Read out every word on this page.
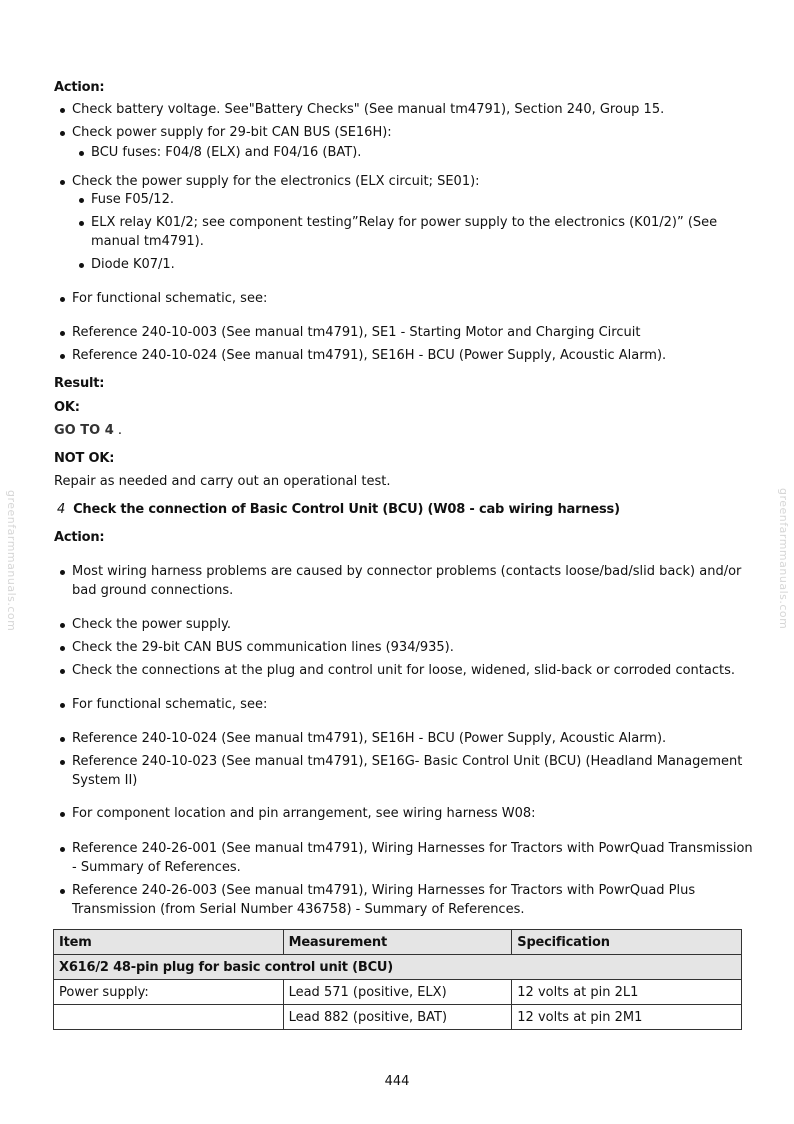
greenfarmmanuals.com	greenfarmmanuals.com
Action:
Check battery voltage. See"Battery Checks" (See manual tm4791), Section 240, Group 15.
Check power supply for 29-bit CAN BUS (SE16H):
BCU fuses: F04/8 (ELX) and F04/16 (BAT).
Check the power supply for the electronics (ELX circuit; SE01):
Fuse F05/12.
ELX relay K01/2; see component testing”Relay for power supply to the electronics (K01/2)” (See
manual tm4791).
Diode K07/1.
For functional schematic, see:
Reference 240-10-003 (See manual tm4791), SE1 - Starting Motor and Charging Circuit
Reference 240-10-024 (See manual tm4791), SE16H - BCU (Power Supply, Acoustic Alarm).
Result:
OK:
GO TO 4 .
NOT OK:
Repair as needed and carry out an operational test.
4 Check the connection of Basic Control Unit (BCU) (W08 - cab wiring harness)
Action:
Most wiring harness problems are caused by connector problems (contacts loose/bad/slid back) and/or
bad ground connections.
Check the power supply.
Check the 29-bit CAN BUS communication lines (934/935).
Check the connections at the plug and control unit for loose, widened, slid-back or corroded contacts.
For functional schematic, see:
Reference 240-10-024 (See manual tm4791), SE16H - BCU (Power Supply, Acoustic Alarm).
Reference 240-10-023 (See manual tm4791), SE16G- Basic Control Unit (BCU) (Headland Management
System II)
For component location and pin arrangement, see wiring harness W08:
Reference 240-26-001 (See manual tm4791), Wiring Harnesses for Tractors with PowrQuad Transmission
- Summary of References.
Reference 240-26-003 (See manual tm4791), Wiring Harnesses for Tractors with PowrQuad Plus
Transmission (from Serial Number 436758) - Summary of References.
Item	Measurement	Specification
X616/2 48-pin plug for basic control unit (BCU)		
Power supply:	Lead 571 (positive, ELX)	12 volts at pin 2L1
	Lead 882 (positive, BAT)	12 volts at pin 2M1
444
